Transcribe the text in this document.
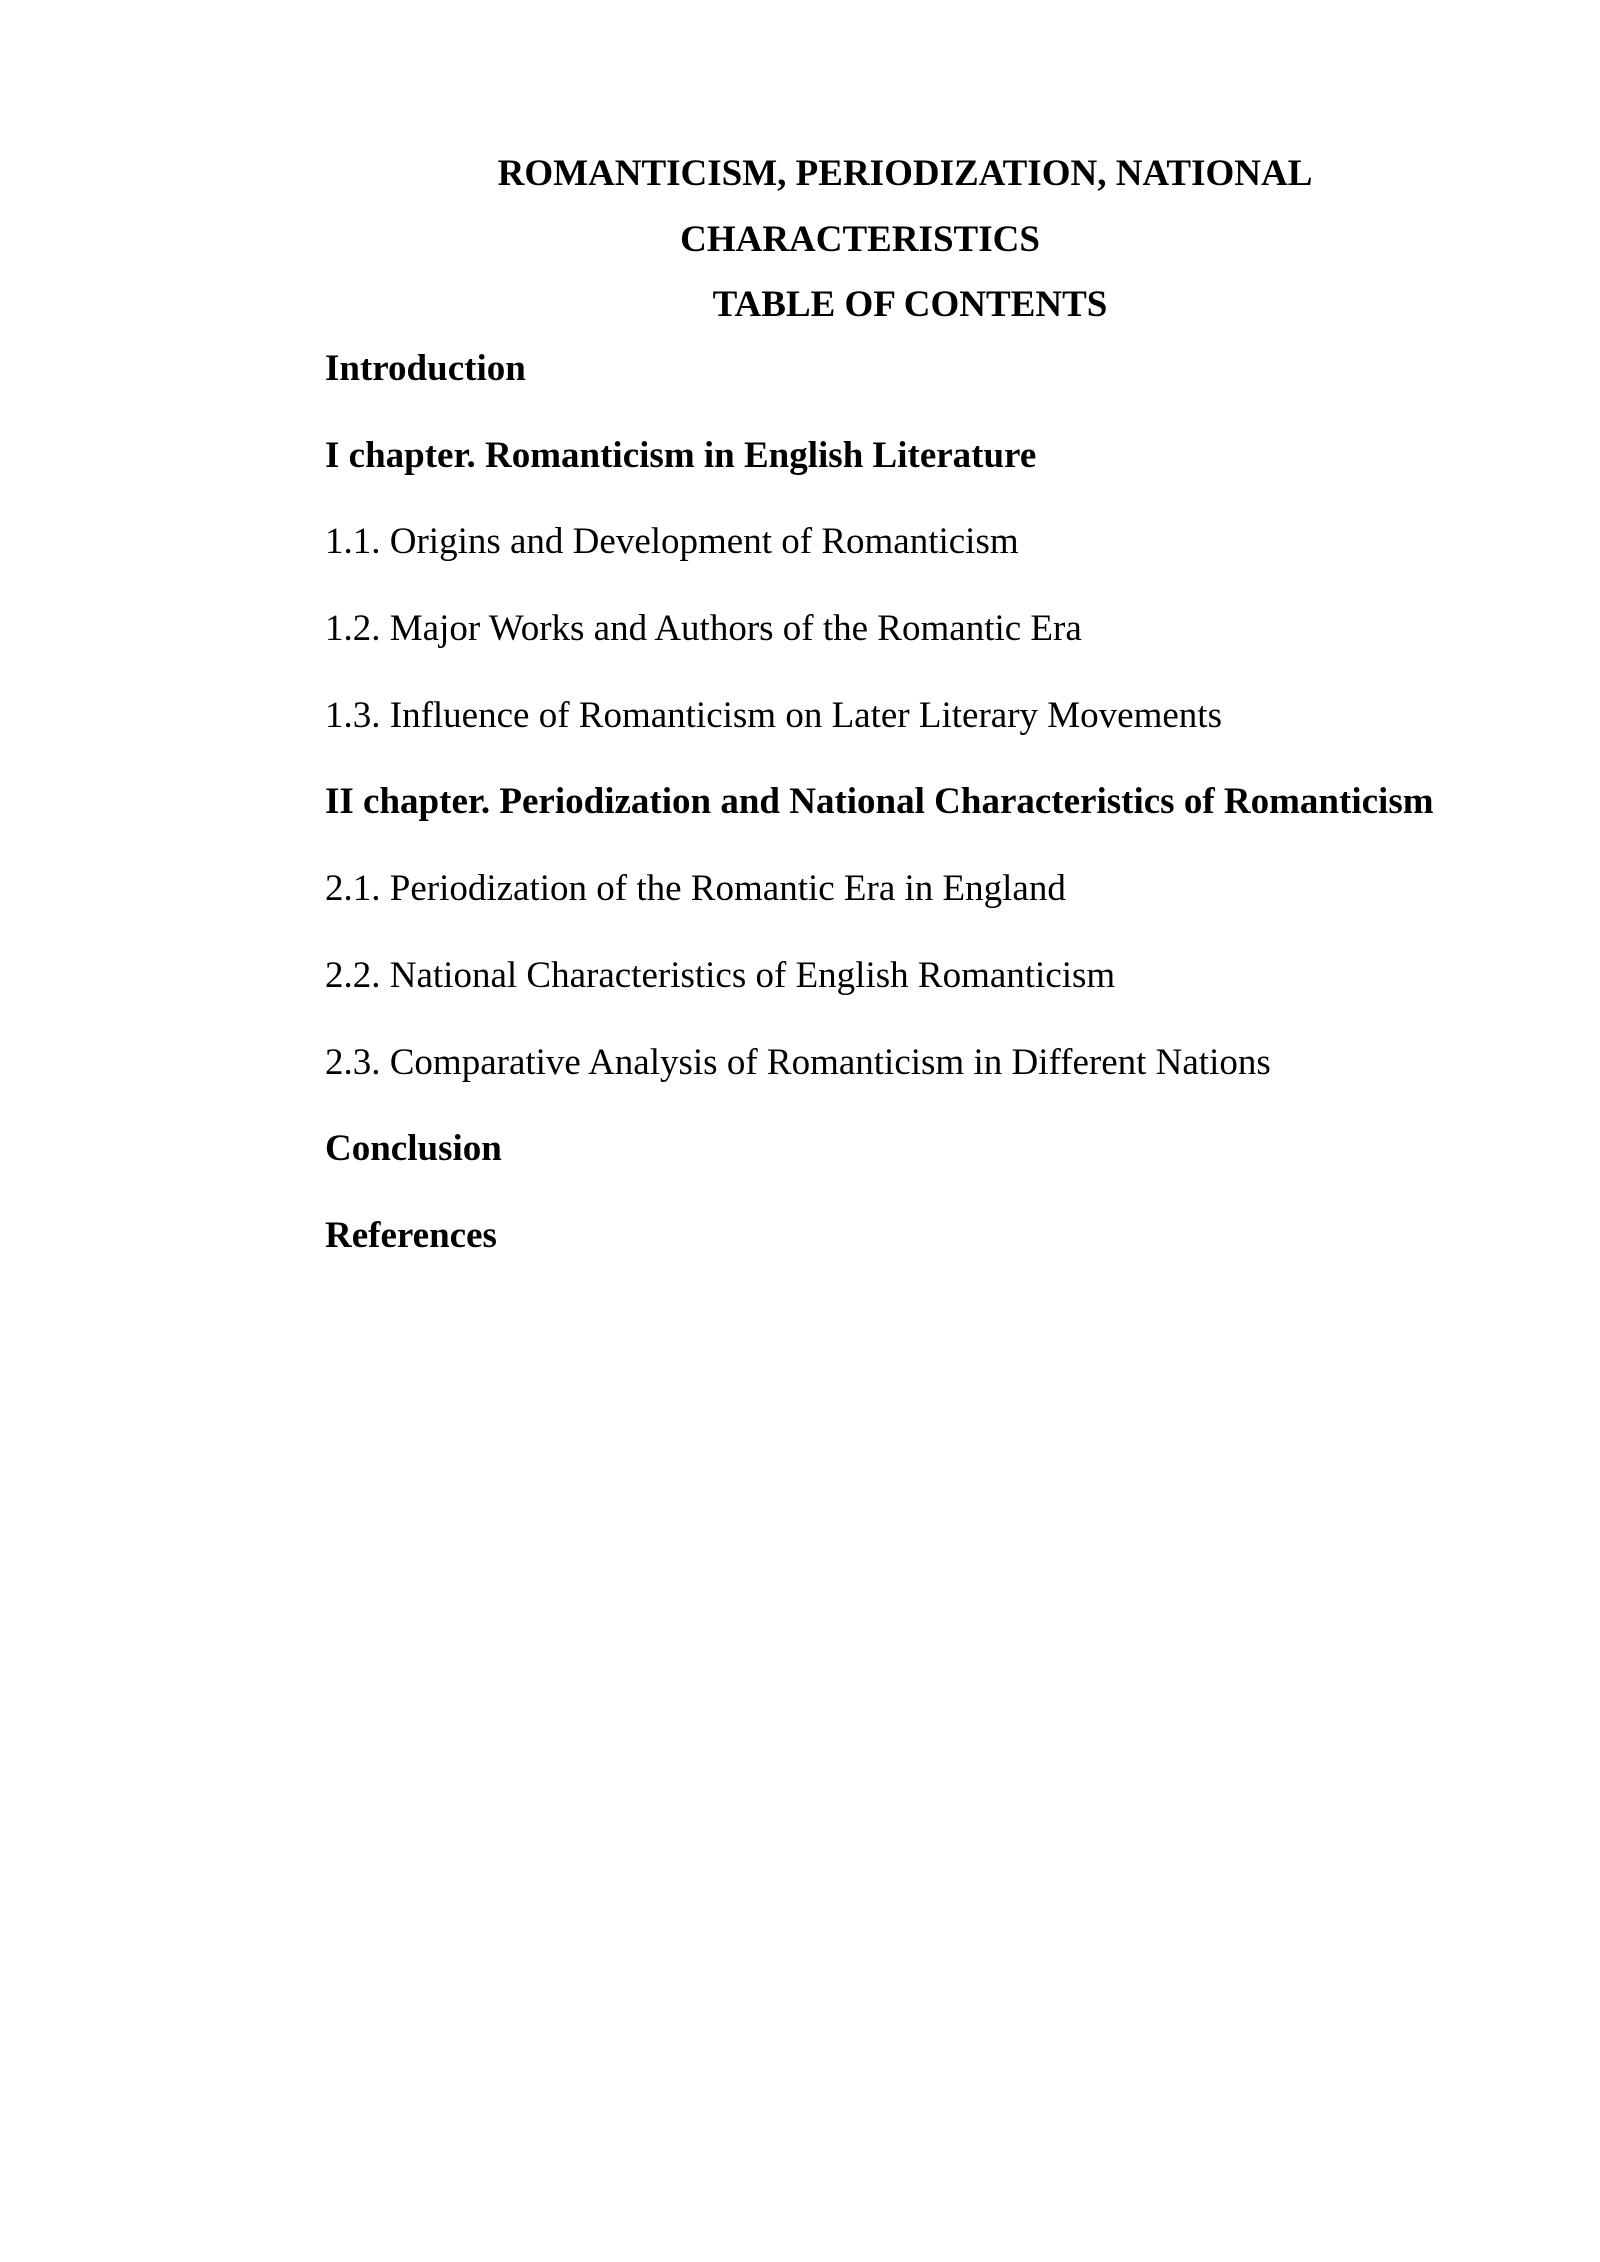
ROMANTICISM, PERIODIZATION, NATIONAL
CHARACTERISTICS
TABLE OF CONTENTS
Introduction
I chapter. Romanticism in English Literature
1.1. Origins and Development of Romanticism
1.2. Major Works and Authors of the Romantic Era
1.3. Influence of Romanticism on Later Literary Movements
II chapter. Periodization and National Characteristics of Romanticism
2.1. Periodization of the Romantic Era in England
2.2. National Characteristics of English Romanticism
2.3. Comparative Analysis of Romanticism in Different Nations
Conclusion
References
